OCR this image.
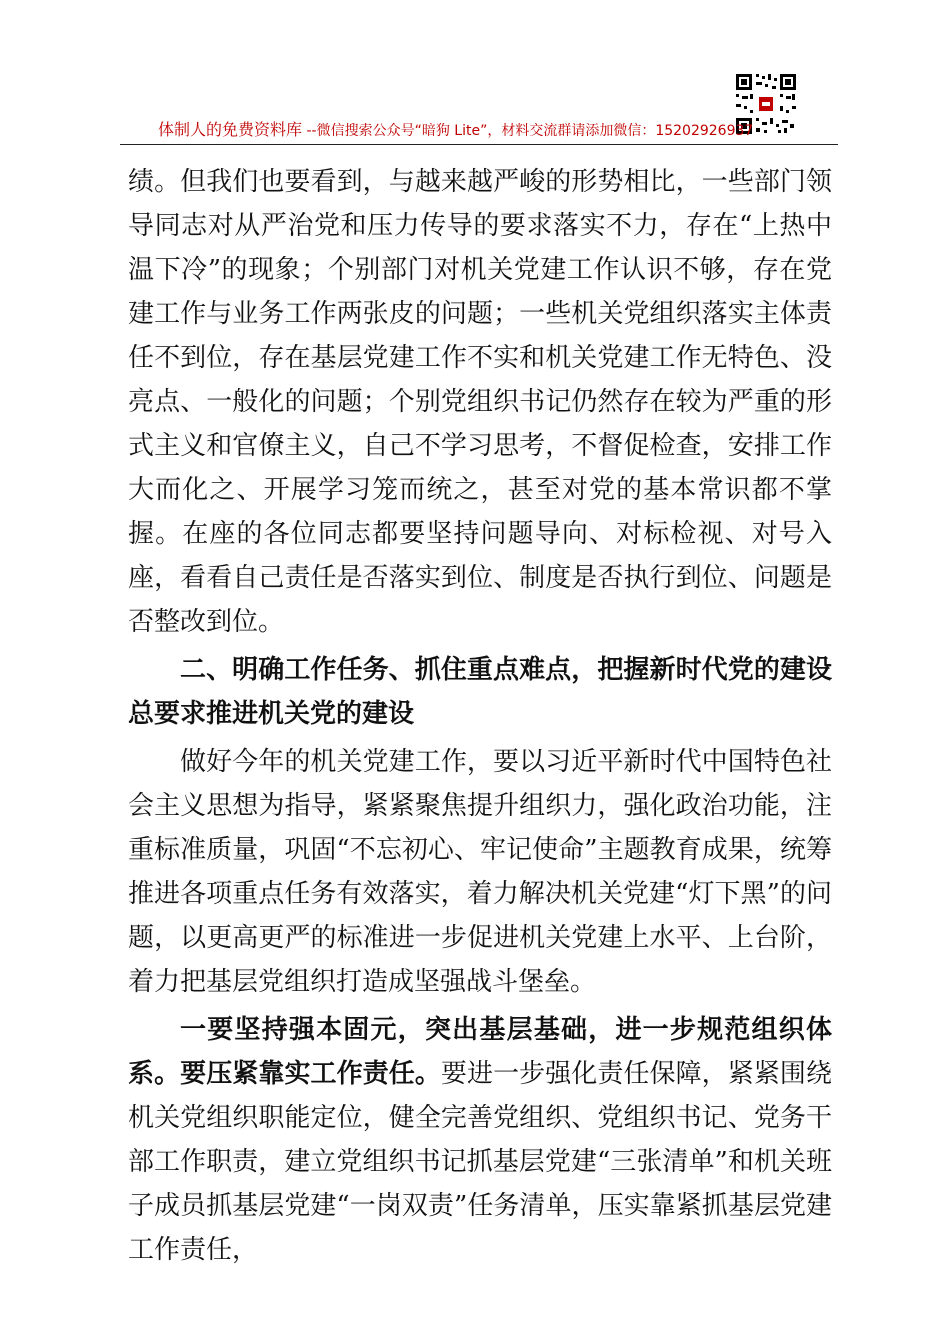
体制人的免费资料库 --微信搜索公众号“暗狗 Lite”，材料交流群请添加微信：15202926937

绩。但我们也要看到，与越来越严峻的形势相比，一些部门领导同志对从严治党和压力传导的要求落实不力，存在“上热中温下冷”的现象；个别部门对机关党建工作认识不够，存在党建工作与业务工作两张皮的问题；一些机关党组织落实主体责任不到位，存在基层党建工作不实和机关党建工作无特色、没亮点、一般化的问题；个别党组织书记仍然存在较为严重的形式主义和官僚主义，自己不学习思考，不督促检查，安排工作大而化之、开展学习笼而统之，甚至对党的基本常识都不掌握。在座的各位同志都要坚持问题导向、对标检视、对号入座，看看自己责任是否落实到位、制度是否执行到位、问题是否整改到位。

二、明确工作任务、抓住重点难点，把握新时代党的建设总要求推进机关党的建设

做好今年的机关党建工作，要以习近平新时代中国特色社会主义思想为指导，紧紧聚焦提升组织力，强化政治功能，注重标准质量，巩固“不忘初心、牢记使命”主题教育成果，统筹推进各项重点任务有效落实，着力解决机关党建“灯下黑”的问题，以更高更严的标准进一步促进机关党建上水平、上台阶，着力把基层党组织打造成坚强战斗堡垒。

一要坚持强本固元，突出基层基础，进一步规范组织体系。要压紧靠实工作责任。要进一步强化责任保障，紧紧围绕机关党组织职能定位，健全完善党组织、党组织书记、党务干部工作职责，建立党组织书记抓基层党建“三张清单”和机关班子成员抓基层党建“一岗双责”任务清单，压实靠紧抓基层党建工作责任，
